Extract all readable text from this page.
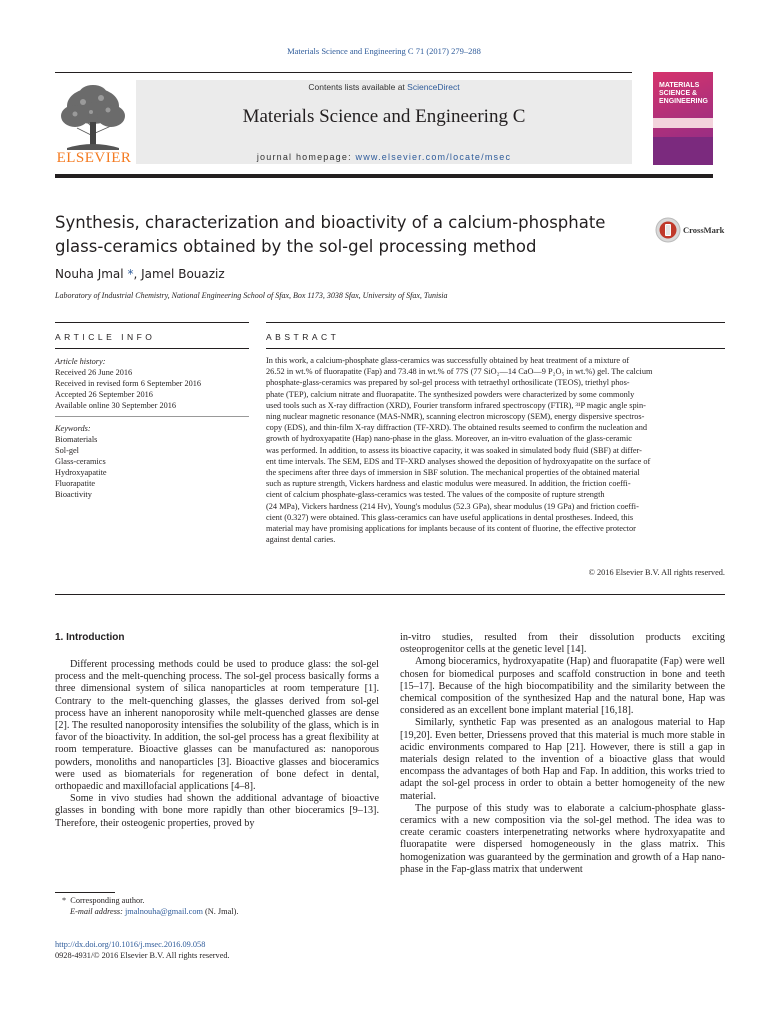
Materials Science and Engineering C 71 (2017) 279–288
Contents lists available at ScienceDirect
Materials Science and Engineering C
journal homepage: www.elsevier.com/locate/msec
ELSEVIER
MATERIALS SCIENCE & ENGINEERING
Synthesis, characterization and bioactivity of a calcium-phosphate
glass-ceramics obtained by the sol-gel processing method
CrossMark
Nouha Jmal *, Jamel Bouaziz
Laboratory of Industrial Chemistry, National Engineering School of Sfax, Box 1173, 3038 Sfax, University of Sfax, Tunisia
ARTICLE INFO	ABSTRACT
Article history:
Received 26 June 2016
Received in revised form 6 September 2016
Accepted 26 September 2016
Available online 30 September 2016
Keywords:
Biomaterials
Sol-gel
Glass-ceramics
Hydroxyapatite
Fluorapatite
Bioactivity
In this work, a calcium-phosphate glass-ceramics was successfully obtained by heat treatment of a mixture of
26.52 in wt.% of fluorapatite (Fap) and 73.48 in wt.% of 77S (77 SiO₂—14 CaO—9 P₂O₅ in wt.%) gel. The calcium
phosphate-glass-ceramics was prepared by sol-gel process with tetraethyl orthosilicate (TEOS), triethyl phos-
phate (TEP), calcium nitrate and fluorapatite. The synthesized powders were characterized by some commonly
used tools such as X-ray diffraction (XRD), Fourier transform infrared spectroscopy (FTIR), ³¹P magic angle spin-
ning nuclear magnetic resonance (MAS-NMR), scanning electron microscopy (SEM), energy dispersive spectros-
copy (EDS), and thin-film X-ray diffraction (TF-XRD). The obtained results seemed to confirm the nucleation and
growth of hydroxyapatite (Hap) nano-phase in the glass. Moreover, an in-vitro evaluation of the glass-ceramic
was performed. In addition, to assess its bioactive capacity, it was soaked in simulated body fluid (SBF) at differ-
ent time intervals. The SEM, EDS and TF-XRD analyses showed the deposition of hydroxyapatite on the surface of
the specimens after three days of immersion in SBF solution. The mechanical properties of the obtained material
such as rupture strength, Vickers hardness and elastic modulus were measured. In addition, the friction coeffi-
cient of calcium phosphate-glass-ceramics was tested. The values of the composite of rupture strength
(24 MPa), Vickers hardness (214 Hv), Young's modulus (52.3 GPa), shear modulus (19 GPa) and friction coeffi-
cient (0.327) were obtained. This glass-ceramics can have useful applications in dental prostheses. Indeed, this
material may have promising applications for implants because of its content of fluorine, the effective protector
against dental caries.
© 2016 Elsevier B.V. All rights reserved.
1. Introduction

Different processing methods could be used to produce glass: the sol-gel process and the melt-quenching process. The sol-gel process basically forms a three dimensional system of silica nanoparticles at room temperature [1]. Contrary to the melt-quenching glasses, the glasses derived from sol-gel process have an inherent nanoporosity while melt-quenched glasses are dense [2]. The resulted nanoporosity intensifies the solubility of the glass, which is in favor of the bioactivity. In addition, the sol-gel process has a great flexibility at room temperature. Bioactive glasses can be manufactured as: nanoporous powders, monoliths and nanoparticles [3]. Bioactive glasses and bioceramics were used as biomaterials for regeneration of bone defect in dental, orthopaedic and maxillofacial applications [4–8].

Some in vivo studies had shown the additional advantage of bioactive glasses in bonding with bone more rapidly than other bioceramics [9–13]. Therefore, their osteogenic properties, proved by

in-vitro studies, resulted from their dissolution products exciting osteoprogenitor cells at the genetic level [14].

Among bioceramics, hydroxyapatite (Hap) and fluorapatite (Fap) were well chosen for biomedical purposes and scaffold construction in bone and teeth [15–17]. Because of the high biocompatibility and the similarity between the chemical composition of the synthesized Hap and the natural bone, Hap was considered as an excellent bone implant material [16,18].

Similarly, synthetic Fap was presented as an analogous material to Hap [19,20]. Even better, Driessens proved that this material is much more stable in acidic environments compared to Hap [21]. However, there is still a gap in materials design related to the invention of a bioactive glass that would encompass the advantages of both Hap and Fap. In addition, this works tried to adapt the sol-gel process in order to obtain a better homogeneity of the new material.

The purpose of this study was to elaborate a calcium-phosphate glass-ceramics with a new composition via the sol-gel method. The idea was to create ceramic coasters interpenetrating networks where hydroxyapatite and fluorapatite were dispersed homogeneously in the glass matrix. This homogenization was guaranteed by the germination and growth of a Hap nano-phase in the Fap-glass matrix that underwent

*  Corresponding author.
E-mail address: jmalnouha@gmail.com (N. Jmal).
http://dx.doi.org/10.1016/j.msec.2016.09.058
0928-4931/© 2016 Elsevier B.V. All rights reserved.
